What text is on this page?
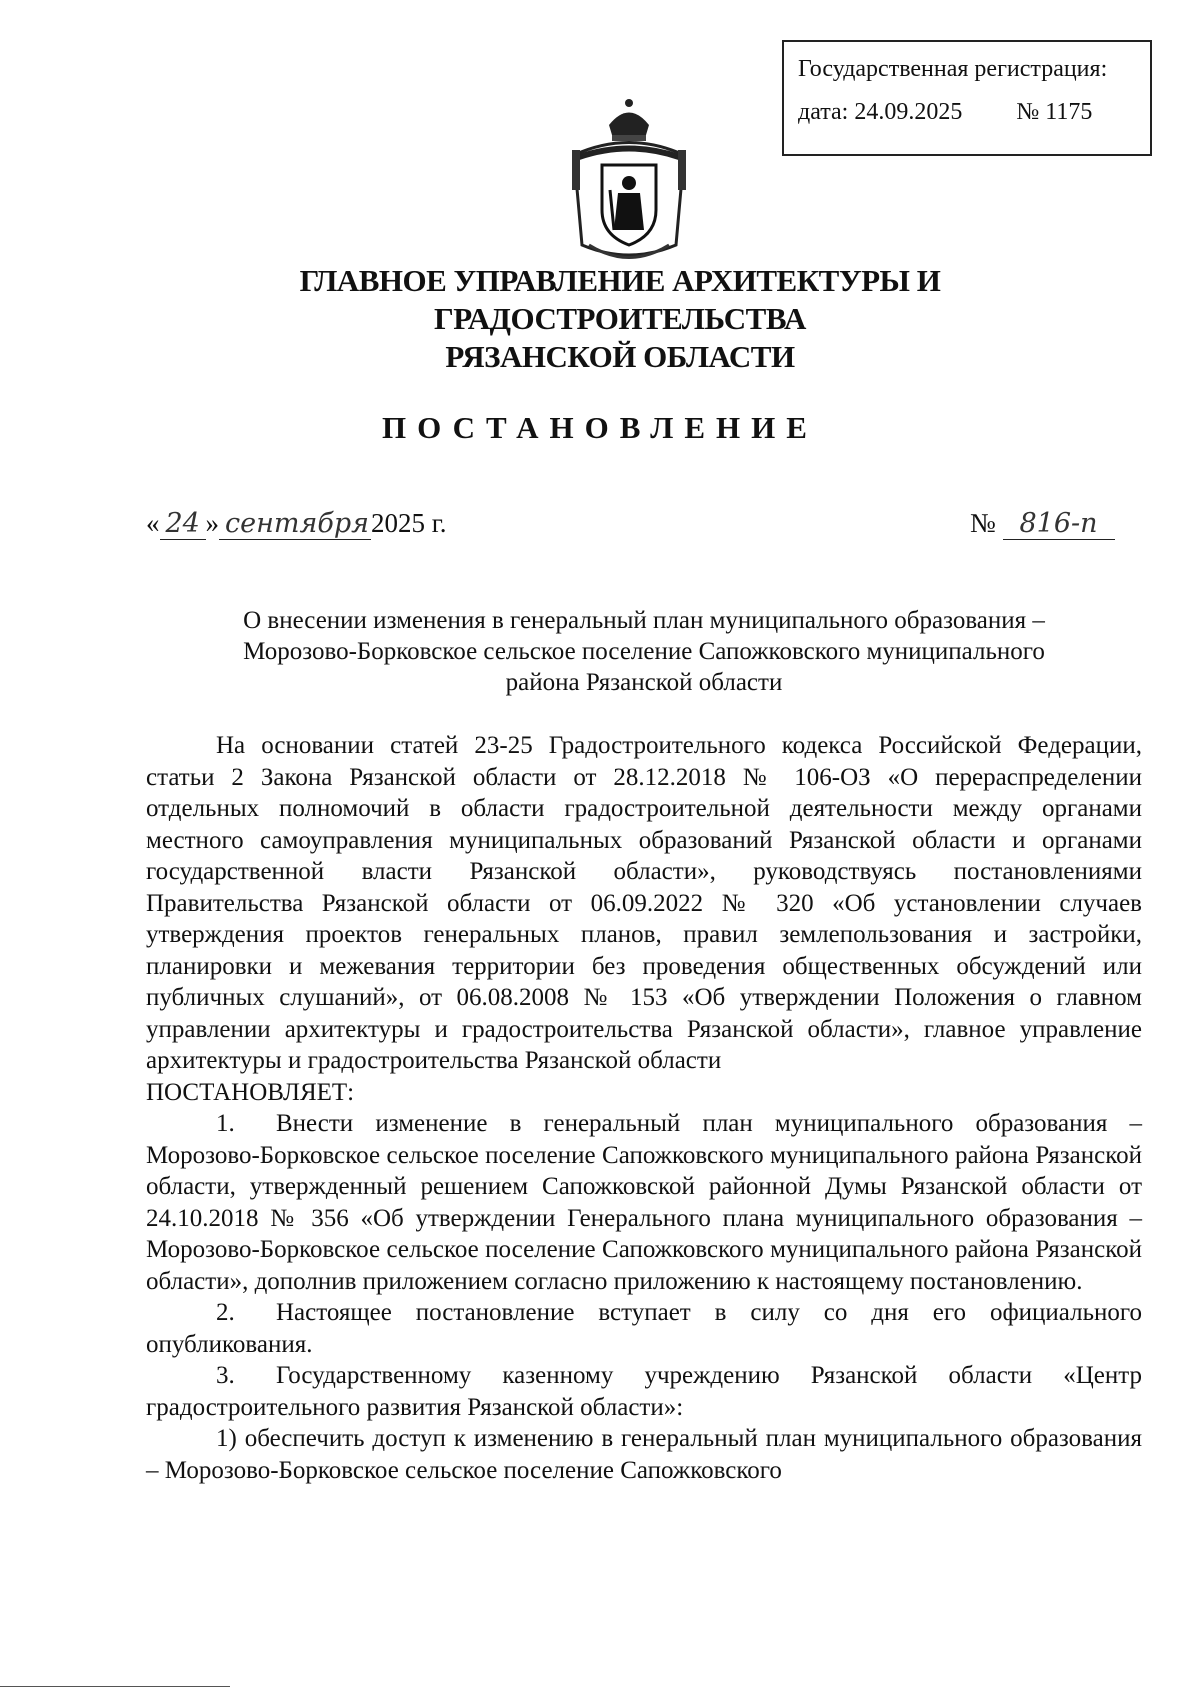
Государственная регистрация:
дата: 24.09.2025 № 1175
ГЛАВНОЕ УПРАВЛЕНИЕ АРХИТЕКТУРЫ И ГРАДОСТРОИТЕЛЬСТВА
РЯЗАНСКОЙ ОБЛАСТИ
ПОСТАНОВЛЕНИЕ
« 24 » сентября2025 г.	№ 816-п
О внесении изменения в генеральный план муниципального образования –
Морозово-Борковское сельское поселение Сапожковского муниципального
района Рязанской области

На основании статей 23-25 Градостроительного кодекса Российской Федерации, статьи 2 Закона Рязанской области от 28.12.2018 № 106-ОЗ «О перераспределении отдельных полномочий в области градостроительной деятельности между органами местного самоуправления муниципальных образований Рязанской области и органами государственной власти Рязанской области», руководствуясь постановлениями Правительства Рязанской области от 06.09.2022 № 320 «Об установлении случаев утверждения проектов генеральных планов, правил землепользования и застройки, планировки и межевания территории без проведения общественных обсуждений или публичных слушаний», от 06.08.2008 № 153 «Об утверждении Положения о главном управлении архитектуры и градостроительства Рязанской области», главное управление архитектуры и градостроительства Рязанской области

ПОСТАНОВЛЯЕТ:

1. Внести изменение в генеральный план муниципального образования – Морозово-Борковское сельское поселение Сапожковского муниципального района Рязанской области, утвержденный решением Сапожковской районной Думы Рязанской области от 24.10.2018 № 356 «Об утверждении Генерального плана муниципального образования – Морозово-Борковское сельское поселение Сапожковского муниципального района Рязанской области», дополнив приложением согласно приложению к настоящему постановлению.

2. Настоящее постановление вступает в силу со дня его официального опубликования.

3. Государственному казенному учреждению Рязанской области «Центр градостроительного развития Рязанской области»:

1) обеспечить доступ к изменению в генеральный план муниципального образования – Морозово-Борковское сельское поселение Сапожковского
